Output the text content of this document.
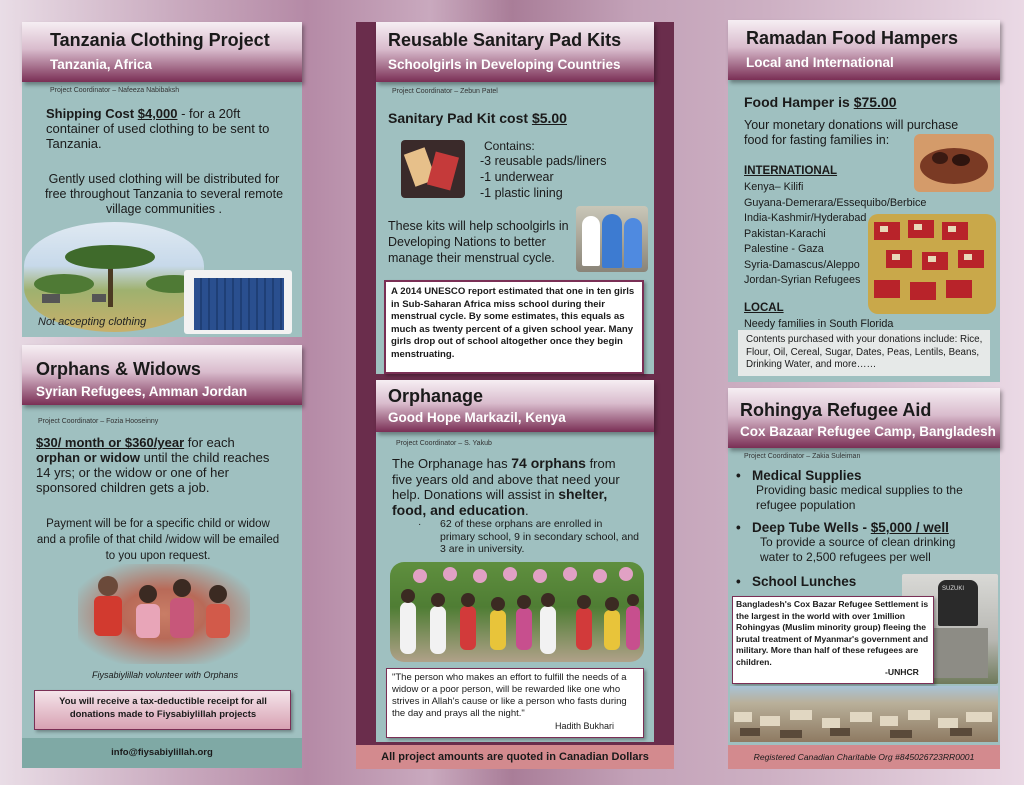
Tanzania Clothing Project
Tanzania, Africa
Project Coordinator – Nafeeza Nabibaksh
Shipping Cost $4,000 - for a 20ft container of used clothing to be sent to Tanzania.
Gently used clothing will be distributed for free throughout Tanzania to several remote village communities .
Not accepting clothing
Orphans & Widows
Syrian Refugees, Amman Jordan
Project Coordinator – Fozia Hooseinny
$30/ month or $360/year for each orphan or widow until the child reaches 14 yrs; or the widow or one of her sponsored children gets a job.
Payment will be for a specific child or widow and a profile of that child /widow will be emailed to you upon request.
Fiysabiylillah volunteer with Orphans
You will receive a tax-deductible receipt for all donations made to Fiysabiylillah projects
info@fiysabiylillah.org
Reusable Sanitary Pad Kits
Schoolgirls in Developing Countries
Project Coordinator – Zebun Patel
Sanitary Pad Kit cost $5.00
Contains:
-3 reusable pads/liners
-1 underwear
-1 plastic lining
These kits will help schoolgirls in Developing Nations to better manage their menstrual cycle.
A 2014 UNESCO report estimated that one in ten girls in Sub-Saharan Africa miss school during their menstrual cycle. By some estimates, this equals as much as twenty percent of a given school year. Many girls drop out of school altogether once they begin menstruating.
Orphanage
Good Hope Markazil, Kenya
Project Coordinator – S. Yakub
The Orphanage has 74 orphans from five years old and above that need your help. Donations will assist in shelter, food, and education.
· 62 of these orphans are enrolled in primary school, 9 in secondary school, and 3 are in university.
"The person who makes an effort to fulfill the needs of a widow or a poor person, will be rewarded like one who strives in Allah's cause or like a person who fasts during the day and prays all the night."
Hadith Bukhari
All project amounts are quoted in Canadian Dollars
Ramadan Food Hampers
Local and International
Food Hamper is $75.00
Your monetary donations will purchase food for fasting families in:
INTERNATIONAL
Kenya– Kilifi
Guyana-Demerara/Essequibo/Berbice
India-Kashmir/Hyderabad
Pakistan-Karachi
Palestine - Gaza
Syria-Damascus/Aleppo
Jordan-Syrian Refugees
LOCAL
Needy families in South Florida
Contents purchased with your donations include: Rice, Flour, Oil, Cereal, Sugar, Dates, Peas, Lentils, Beans, Drinking Water, and more……
Rohingya Refugee Aid
Cox Bazaar Refugee Camp, Bangladesh
Project Coordinator – Zakia Suleiman
•   Medical Supplies
Providing basic medical supplies to the refugee population
•   Deep Tube Wells - $5,000 / well
To provide a source of clean drinking water to 2,500 refugees per well
•   School Lunches	SUZUKI
Bangladesh's Cox Bazar Refugee Settlement is the largest in the world with over 1million Rohingyas (Muslim minority group) fleeing the brutal treatment of Myanmar's government and military. More than half of these refugees are children.
-UNHCR
Registered Canadian Charitable Org #845026723RR0001
